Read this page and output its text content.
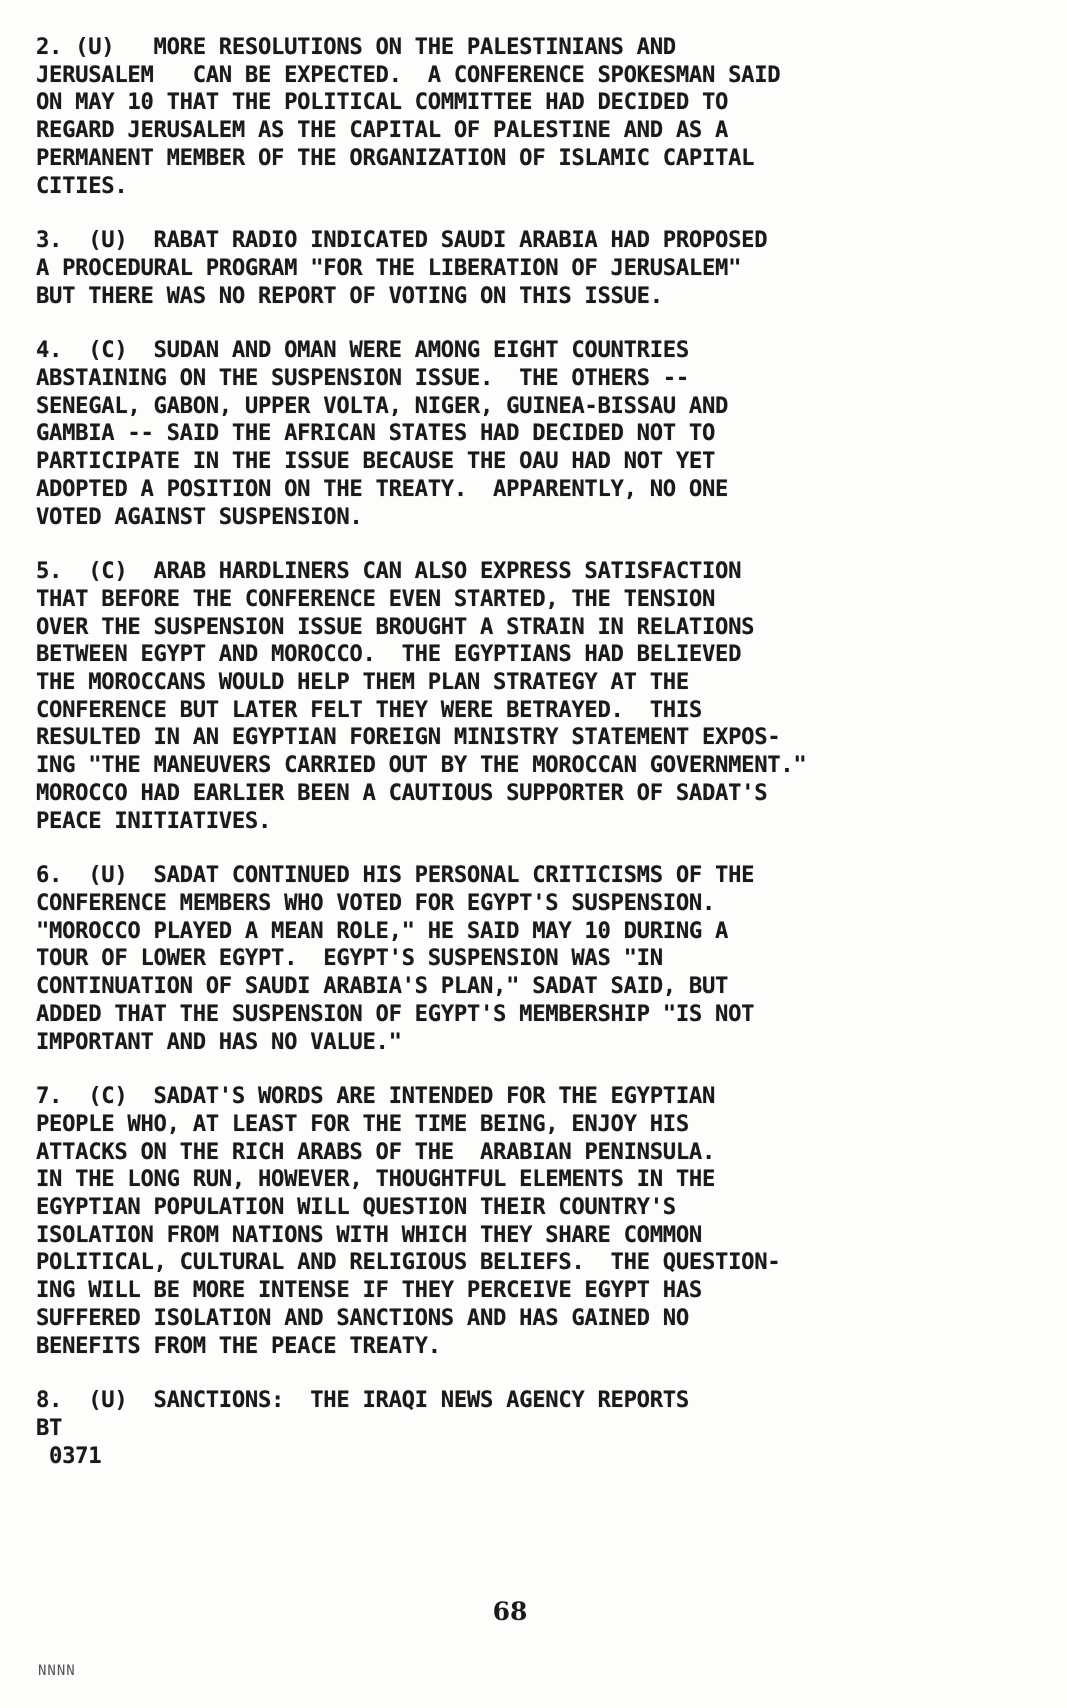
2. (U)   MORE RESOLUTIONS ON THE PALESTINIANS AND
JERUSALEM   CAN BE EXPECTED.  A CONFERENCE SPOKESMAN SAID
ON MAY 10 THAT THE POLITICAL COMMITTEE HAD DECIDED TO
REGARD JERUSALEM AS THE CAPITAL OF PALESTINE AND AS A
PERMANENT MEMBER OF THE ORGANIZATION OF ISLAMIC CAPITAL
CITIES.
3.  (U)  RABAT RADIO INDICATED SAUDI ARABIA HAD PROPOSED
A PROCEDURAL PROGRAM "FOR THE LIBERATION OF JERUSALEM"
BUT THERE WAS NO REPORT OF VOTING ON THIS ISSUE.
4.  (C)  SUDAN AND OMAN WERE AMONG EIGHT COUNTRIES
ABSTAINING ON THE SUSPENSION ISSUE.  THE OTHERS --
SENEGAL, GABON, UPPER VOLTA, NIGER, GUINEA-BISSAU AND
GAMBIA -- SAID THE AFRICAN STATES HAD DECIDED NOT TO
PARTICIPATE IN THE ISSUE BECAUSE THE OAU HAD NOT YET
ADOPTED A POSITION ON THE TREATY.  APPARENTLY, NO ONE
VOTED AGAINST SUSPENSION.
5.  (C)  ARAB HARDLINERS CAN ALSO EXPRESS SATISFACTION
THAT BEFORE THE CONFERENCE EVEN STARTED, THE TENSION
OVER THE SUSPENSION ISSUE BROUGHT A STRAIN IN RELATIONS
BETWEEN EGYPT AND MOROCCO.  THE EGYPTIANS HAD BELIEVED
THE MOROCCANS WOULD HELP THEM PLAN STRATEGY AT THE
CONFERENCE BUT LATER FELT THEY WERE BETRAYED.  THIS
RESULTED IN AN EGYPTIAN FOREIGN MINISTRY STATEMENT EXPOS-
ING "THE MANEUVERS CARRIED OUT BY THE MOROCCAN GOVERNMENT."
MOROCCO HAD EARLIER BEEN A CAUTIOUS SUPPORTER OF SADAT'S
PEACE INITIATIVES.
6.  (U)  SADAT CONTINUED HIS PERSONAL CRITICISMS OF THE
CONFERENCE MEMBERS WHO VOTED FOR EGYPT'S SUSPENSION.
"MOROCCO PLAYED A MEAN ROLE," HE SAID MAY 10 DURING A
TOUR OF LOWER EGYPT.  EGYPT'S SUSPENSION WAS "IN
CONTINUATION OF SAUDI ARABIA'S PLAN," SADAT SAID, BUT
ADDED THAT THE SUSPENSION OF EGYPT'S MEMBERSHIP "IS NOT
IMPORTANT AND HAS NO VALUE."
7.  (C)  SADAT'S WORDS ARE INTENDED FOR THE EGYPTIAN
PEOPLE WHO, AT LEAST FOR THE TIME BEING, ENJOY HIS
ATTACKS ON THE RICH ARABS OF THE  ARABIAN PENINSULA.
IN THE LONG RUN, HOWEVER, THOUGHTFUL ELEMENTS IN THE
EGYPTIAN POPULATION WILL QUESTION THEIR COUNTRY'S
ISOLATION FROM NATIONS WITH WHICH THEY SHARE COMMON
POLITICAL, CULTURAL AND RELIGIOUS BELIEFS.  THE QUESTION-
ING WILL BE MORE INTENSE IF THEY PERCEIVE EGYPT HAS
SUFFERED ISOLATION AND SANCTIONS AND HAS GAINED NO
BENEFITS FROM THE PEACE TREATY.
8.  (U)  SANCTIONS:  THE IRAQI NEWS AGENCY REPORTS
BT
0371
68
NNNN
